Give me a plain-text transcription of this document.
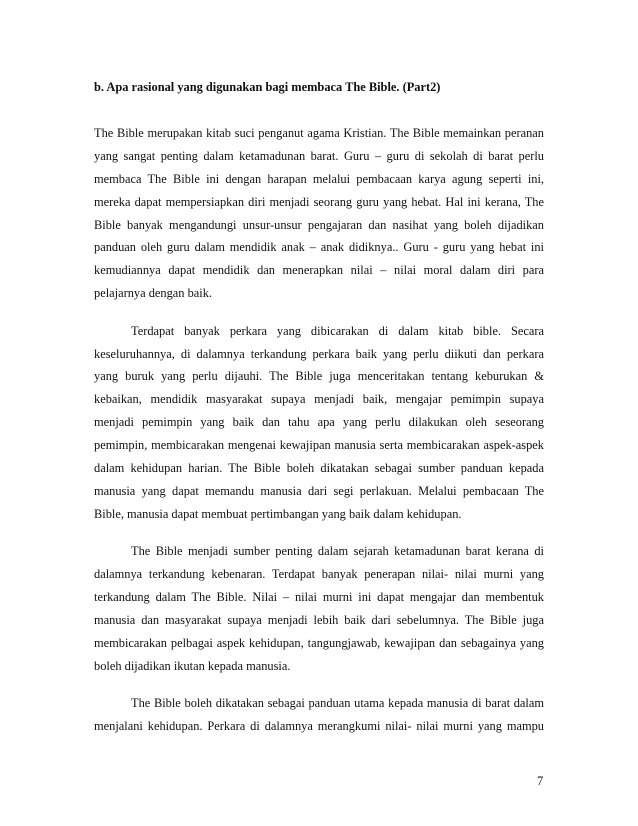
b. Apa rasional yang digunakan bagi membaca The Bible. (Part2)
The Bible merupakan kitab suci penganut agama Kristian. The Bible memainkan peranan
yang sangat penting dalam ketamadunan barat. Guru – guru di sekolah di barat perlu
membaca The Bible ini dengan harapan melalui pembacaan karya agung seperti ini,
mereka dapat mempersiapkan diri menjadi seorang guru yang hebat. Hal ini kerana, The
Bible banyak mengandungi unsur-unsur pengajaran dan nasihat yang boleh dijadikan
panduan oleh guru dalam mendidik anak – anak didiknya.. Guru - guru yang hebat ini
kemudiannya dapat mendidik dan menerapkan nilai – nilai moral dalam diri para
pelajarnya dengan baik.
Terdapat banyak perkara yang dibicarakan di dalam kitab bible. Secara
keseluruhannya, di dalamnya terkandung perkara baik yang perlu diikuti dan perkara
yang buruk yang perlu dijauhi. The Bible juga menceritakan tentang keburukan &
kebaikan, mendidik masyarakat supaya menjadi baik, mengajar pemimpin supaya
menjadi pemimpin yang baik dan tahu apa yang perlu dilakukan oleh seseorang
pemimpin, membicarakan mengenai kewajipan manusia serta membicarakan aspek-aspek
dalam kehidupan harian. The Bible boleh dikatakan sebagai sumber panduan kepada
manusia yang dapat memandu manusia dari segi perlakuan. Melalui pembacaan The
Bible, manusia dapat membuat pertimbangan yang baik dalam kehidupan.
The Bible menjadi sumber penting dalam sejarah ketamadunan barat kerana di
dalamnya terkandung kebenaran. Terdapat banyak penerapan nilai- nilai murni yang
terkandung dalam The Bible. Nilai – nilai murni ini dapat mengajar dan membentuk
manusia dan masyarakat supaya menjadi lebih baik dari sebelumnya. The Bible juga
membicarakan pelbagai aspek kehidupan, tangungjawab, kewajipan dan sebagainya yang
boleh dijadikan ikutan kepada manusia.
The Bible boleh dikatakan sebagai panduan utama kepada manusia di barat dalam
menjalani kehidupan. Perkara di dalamnya merangkumi nilai- nilai murni yang mampu
7
